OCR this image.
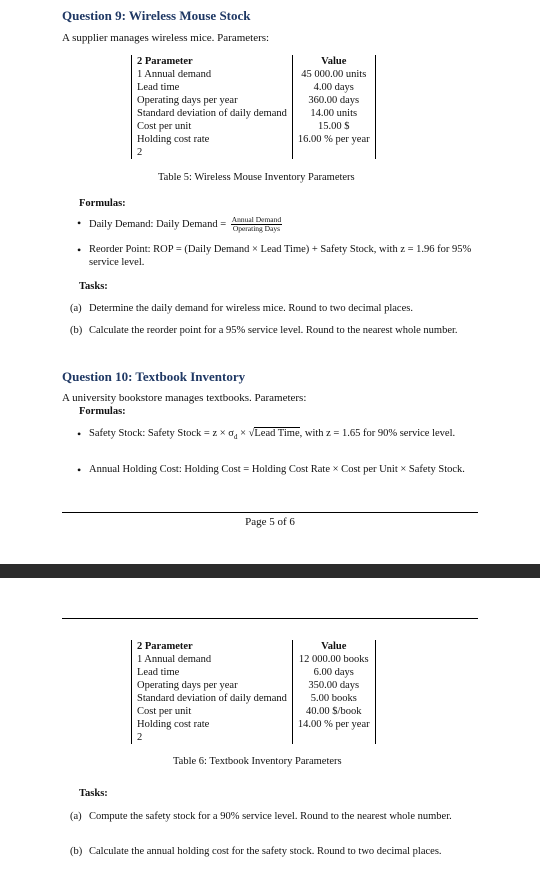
Question 9: Wireless Mouse Stock
A supplier manages wireless mice. Parameters:
2 Parameter	Value
1 Annual demand	45 000.00 units
Lead time	4.00 days
Operating days per year	360.00 days
Standard deviation of daily demand	14.00 units
Cost per unit	15.00 $
Holding cost rate	16.00 % per year
2	
Table 5: Wireless Mouse Inventory Parameters
Formulas:
• Daily Demand: Daily Demand = $\frac{\text{Annual Demand}}{\text{Operating Days}}$
• Reorder Point: ROP = (Daily Demand × Lead Time) + Safety Stock, with z = 1.96 for 95% service level.
Tasks:
(a) Determine the daily demand for wireless mice. Round to two decimal places.
(b) Calculate the reorder point for a 95% service level. Round to the nearest whole number.
Question 10: Textbook Inventory
A university bookstore manages textbooks. Parameters:
Formulas:
• Safety Stock: Safety Stock = $z \times \sigma_d$ × √Lead Time, with z = 1.65 for 90% service level.
• Annual Holding Cost: Holding Cost = Holding Cost Rate × Cost per Unit × Safety Stock.
Page 5 of 6
2 Parameter	Value
1 Annual demand	12 000.00 books
Lead time	6.00 days
Operating days per year	350.00 days
Standard deviation of daily demand	5.00 books
Cost per unit	40.00 $/book
Holding cost rate	14.00 % per year
2	
Table 6: Textbook Inventory Parameters
Tasks:
(a) Compute the safety stock for a 90% service level. Round to the nearest whole number.
(b) Calculate the annual holding cost for the safety stock. Round to two decimal places.
